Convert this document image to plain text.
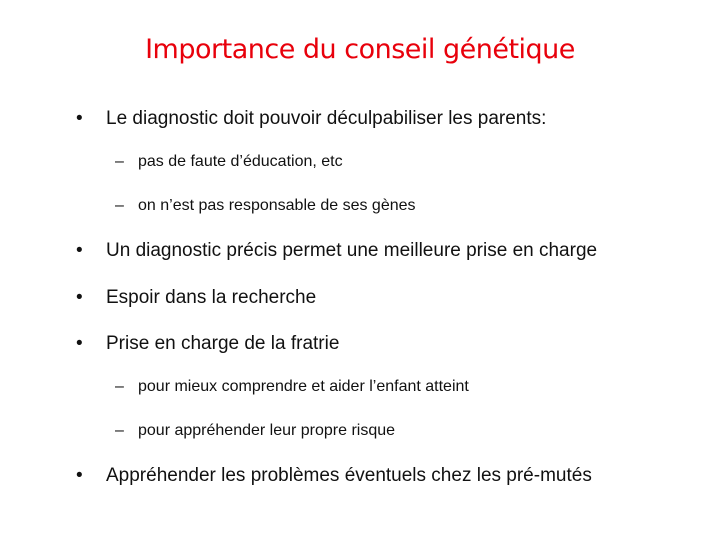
Importance du conseil génétique
• Le diagnostic doit pouvoir déculpabiliser les parents:
– pas de faute d’éducation, etc
– on n’est pas responsable de ses gènes
• Un diagnostic précis permet une meilleure prise en charge
• Espoir dans la recherche
• Prise en charge de la fratrie
– pour mieux comprendre et aider l’enfant atteint
– pour appréhender leur propre risque
• Appréhender les problèmes éventuels chez les pré-mutés
